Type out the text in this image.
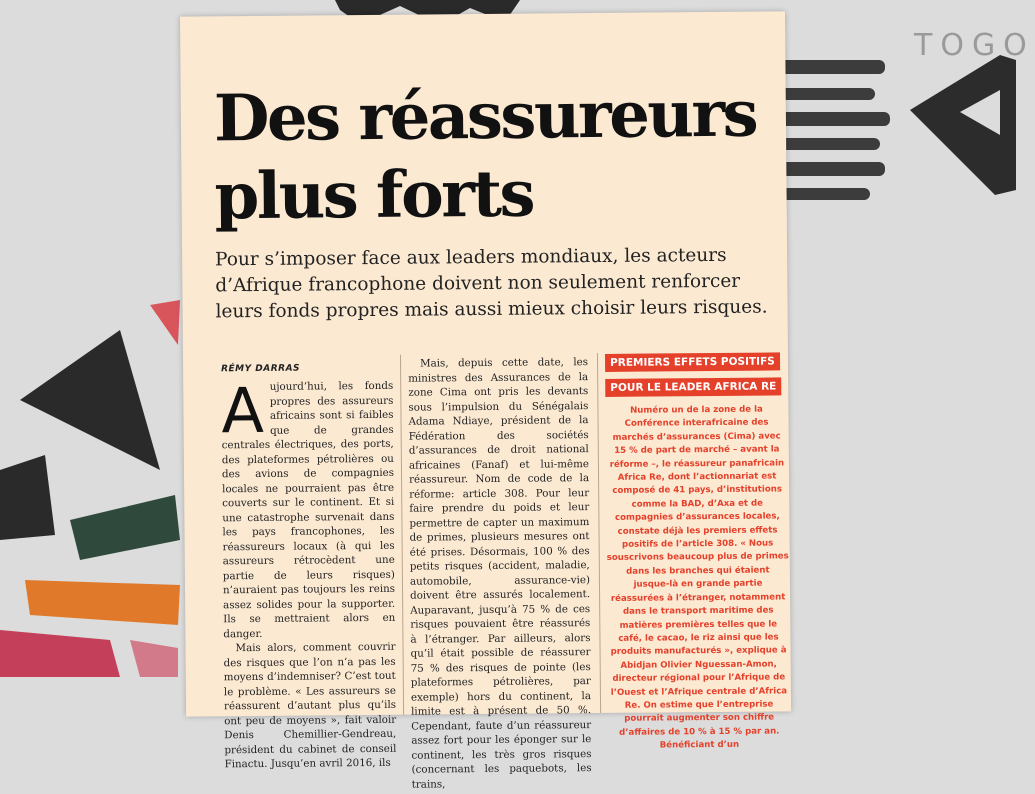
TOGO
Des réassureurs plus forts

Pour s’imposer face aux leaders mondiaux, les acteurs d’Afrique francophone doivent non seulement renforcer leurs fonds propres mais aussi mieux choisir leurs risques.

RÉMY DARRAS

A ujourd’hui, les fonds propres des assureurs africains sont si faibles que de grandes centrales électriques, des ports, des plateformes pétrolières ou des avions de compagnies locales ne pourraient pas être couverts sur le continent. Et si une catastrophe survenait dans les pays francophones, les réassureurs locaux (à qui les assureurs rétrocèdent une partie de leurs risques) n’auraient pas toujours les reins assez solides pour la supporter. Ils se mettraient alors en danger.

Mais alors, comment couvrir des risques que l’on n’a pas les moyens d’indemniser? C’est tout le problème. « Les assureurs se réassurent d’autant plus qu’ils ont peu de moyens », fait valoir Denis Chemillier-Gendreau, président du cabinet de conseil Finactu. Jusqu’en avril 2016, ils

Mais, depuis cette date, les ministres des Assurances de la zone Cima ont pris les devants sous l’impulsion du Sénégalais Adama Ndiaye, président de la Fédération des sociétés d’assurances de droit national africaines (Fanaf) et lui-même réassureur. Nom de code de la réforme: article 308. Pour leur faire prendre du poids et leur permettre de capter un maximum de primes, plusieurs mesures ont été prises. Désormais, 100 % des petits risques (accident, maladie, automobile, assurance-vie) doivent être assurés localement. Auparavant, jusqu’à 75 % de ces risques pouvaient être réassurés à l’étranger. Par ailleurs, alors qu’il était possible de réassurer 75 % des risques de pointe (les plateformes pétrolières, par exemple) hors du continent, la limite est à présent de 50 %. Cependant, faute d’un réassureur assez fort pour les éponger sur le continent, les très gros risques (concernant les paquebots, les trains,

PREMIERS EFFETS POSITIFS POUR LE LEADER AFRICA RE

Numéro un de la zone de la Conférence interafricaine des marchés d’assurances (Cima) avec 15 % de part de marché – avant la réforme –, le réassureur panafricain Africa Re, dont l’actionnariat est composé de 41 pays, d’institutions comme la BAD, d’Axa et de compagnies d’assurances locales, constate déjà les premiers effets positifs de l’article 308. « Nous souscrivons beaucoup plus de primes dans les branches qui étaient jusque-là en grande partie réassurées à l’étranger, notamment dans le transport maritime des matières premières telles que le café, le cacao, le riz ainsi que les produits manufacturés », explique à Abidjan Olivier Nguessan-Amon, directeur régional pour l’Afrique de l’Ouest et l’Afrique centrale d’Africa Re. On estime que l’entreprise pourrait augmenter son chiffre d’affaires de 10 % à 15 % par an. Bénéficiant d’un
